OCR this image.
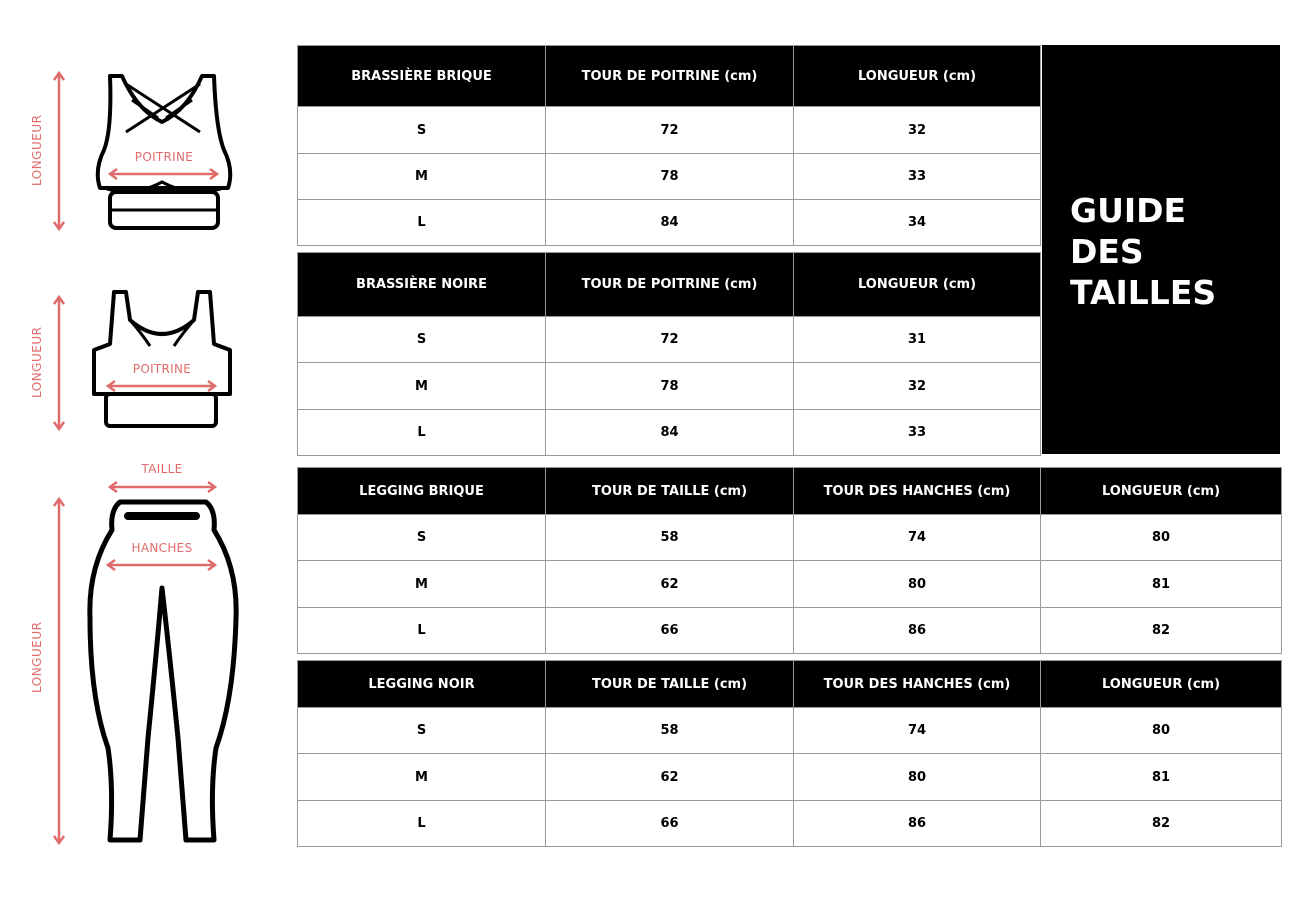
LONGUEUR	POITRINE
LONGUEUR	POITRINE
TAILLE
LONGUEUR
HANCHES
BRASSIÈRE BRIQUE	TOUR DE POITRINE (cm)	LONGUEUR (cm)
S	72	32
M	78	33
L	84	34
BRASSIÈRE NOIRE	TOUR DE POITRINE (cm)	LONGUEUR (cm)
S	72	31
M	78	32
L	84	33
GUIDE
DES
TAILLES
LEGGING BRIQUE	TOUR DE TAILLE (cm)	TOUR DES HANCHES (cm)	LONGUEUR (cm)
S	58	74	80
M	62	80	81
L	66	86	82
LEGGING NOIR	TOUR DE TAILLE (cm)	TOUR DES HANCHES (cm)	LONGUEUR (cm)
S	58	74	80
M	62	80	81
L	66	86	82
